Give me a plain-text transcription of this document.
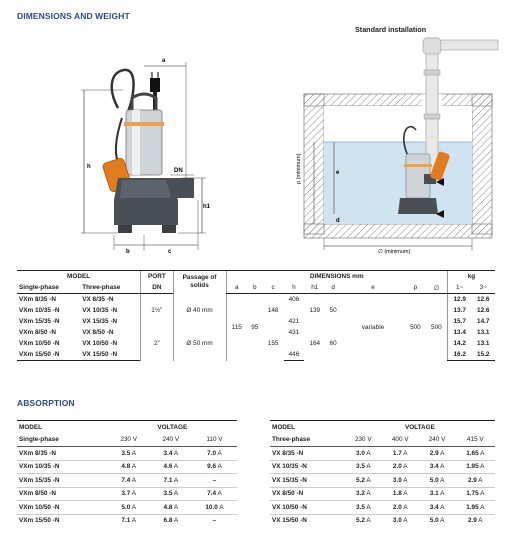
DIMENSIONS AND WEIGHT
a
h
h1
DN
b	c
Standard installation
p (minimum)	e
d
∅ (minimum)
MODEL		PORT	Passage of solids	DIMENSIONS mm									kg	
Single-phase	Three-phase	DN		a	b	c	h	h1	d	e	p	∅	1~	3~
VXm 8/35 -N	VX 8/35 -N	1½"	Ø 40 mm	115	95	148	406	139	50	variable	500	500	12.9	12.6
VXm 10/35 -N	VX 10/35 -N												13.7	12.6
VXm 15/35 -N	VX 15/35 -N						421						15.7	14.7
VXm 8/50 -N	VX 8/50 -N	2"	Ø 50 mm			155	431	164	60				13.4	13.1
VXm 10/50 -N	VX 10/50 -N												14.2	13.1
VXm 15/50 -N	VX 15/50 -N						446						16.2	15.2
ABSORPTION
MODEL	VOLTAGE		
Single-phase	230 V	240 V	110 V
VXm 8/35 -N	3.5 A	3.4 A	7.0 A
VXm 10/35 -N	4.8 A	4.6 A	9.6 A
VXm 15/35 -N	7.4 A	7.1 A	–
VXm 8/50 -N	3.7 A	3.5 A	7.4 A
VXm 10/50 -N	5.0 A	4.8 A	10.0 A
VXm 15/50 -N	7.1 A	6.8 A	–
MODEL	VOLTAGE			
Three-phase	230 V	400 V	240 V	415 V
VX 8/35 -N	3.0 A	1.7 A	2.9 A	1.65 A
VX 10/35 -N	3.5 A	2.0 A	3.4 A	1.95 A
VX 15/35 -N	5.2 A	3.0 A	5.0 A	2.9 A
VX 8/50 -N	3.2 A	1.8 A	3.1 A	1.75 A
VX 10/50 -N	3.5 A	2.0 A	3.4 A	1.95 A
VX 15/50 -N	5.2 A	3.0 A	5.0 A	2.9 A
